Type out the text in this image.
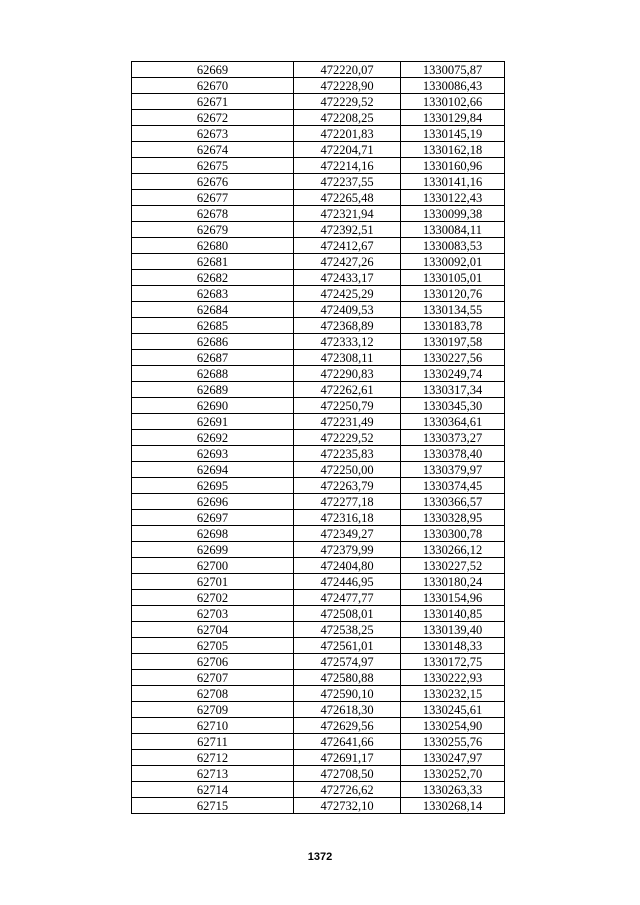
62669	472220,07	1330075,87
62670	472228,90	1330086,43
62671	472229,52	1330102,66
62672	472208,25	1330129,84
62673	472201,83	1330145,19
62674	472204,71	1330162,18
62675	472214,16	1330160,96
62676	472237,55	1330141,16
62677	472265,48	1330122,43
62678	472321,94	1330099,38
62679	472392,51	1330084,11
62680	472412,67	1330083,53
62681	472427,26	1330092,01
62682	472433,17	1330105,01
62683	472425,29	1330120,76
62684	472409,53	1330134,55
62685	472368,89	1330183,78
62686	472333,12	1330197,58
62687	472308,11	1330227,56
62688	472290,83	1330249,74
62689	472262,61	1330317,34
62690	472250,79	1330345,30
62691	472231,49	1330364,61
62692	472229,52	1330373,27
62693	472235,83	1330378,40
62694	472250,00	1330379,97
62695	472263,79	1330374,45
62696	472277,18	1330366,57
62697	472316,18	1330328,95
62698	472349,27	1330300,78
62699	472379,99	1330266,12
62700	472404,80	1330227,52
62701	472446,95	1330180,24
62702	472477,77	1330154,96
62703	472508,01	1330140,85
62704	472538,25	1330139,40
62705	472561,01	1330148,33
62706	472574,97	1330172,75
62707	472580,88	1330222,93
62708	472590,10	1330232,15
62709	472618,30	1330245,61
62710	472629,56	1330254,90
62711	472641,66	1330255,76
62712	472691,17	1330247,97
62713	472708,50	1330252,70
62714	472726,62	1330263,33
62715	472732,10	1330268,14
1372
